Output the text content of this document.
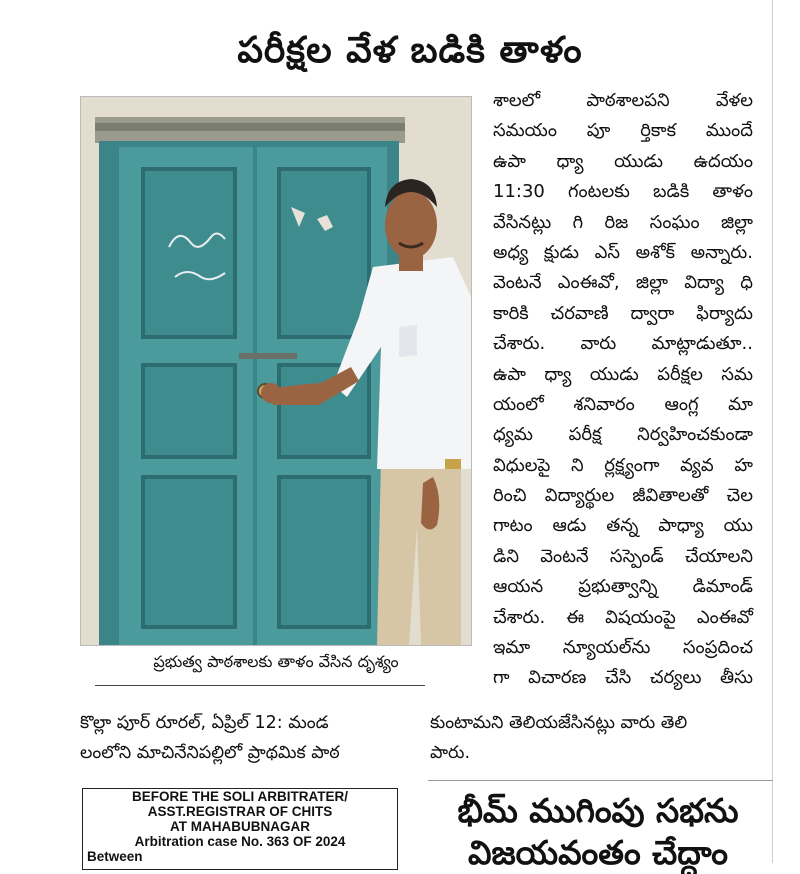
పరీక్షల వేళ బడికి తాళం
ప్రభుత్వ పాఠశాలకు తాళం వేసిన దృశ్యం
శాలలో పాఠశాలపని వేళల
సమయం పూ ర్తికాక ముందే
ఉపా ధ్యా యుడు ఉదయం
11:30 గంటలకు బడికి తాళం
వేసినట్లు గి రిజ సంఘం జిల్లా
అధ్య క్షుడు ఎస్ అశోక్ అన్నారు.
వెంటనే ఎంఈవో, జిల్లా విద్యా ధి
కారికి చరవాణి ద్వారా ఫిర్యాదు
చేశారు. వారు మాట్లాడుతూ..
ఉపా ధ్యా యుడు పరీక్షల సమ
యంలో శనివారం ఆంగ్ల మా
ధ్యమ పరీక్ష నిర్వహించకుండా
విధులపై ని ర్లక్ష్యంగా వ్యవ హ
రించి విద్యార్థుల జీవితాలతో చెల
గాటం ఆడు తన్న పాధ్యా యు
డిని వెంటనే సస్పెండ్ చేయాలని
ఆయన ప్రభుత్వాన్ని డిమాండ్
చేశారు. ఈ విషయంపై ఎంఈవో
ఇమా న్యూయల్‌ను సంప్రదించ
గా విచారణ చేసి చర్యలు తీసు
కొల్లా పూర్ రూరల్, ఏప్రిల్ 12: మండ
లంలోని మాచినేనిపల్లిలో ప్రాథమిక పాఠ
కుంటామని తెలియజేసినట్లు వారు తెలి
పారు.
BEFORE THE SOLI ARBITRATER/
ASST.REGISTRAR OF CHITS
AT MAHABUBNAGAR
Arbitration case No. 363 OF 2024
Between
భీమ్ ముగింపు సభను
విజయవంతం చేద్దాం
